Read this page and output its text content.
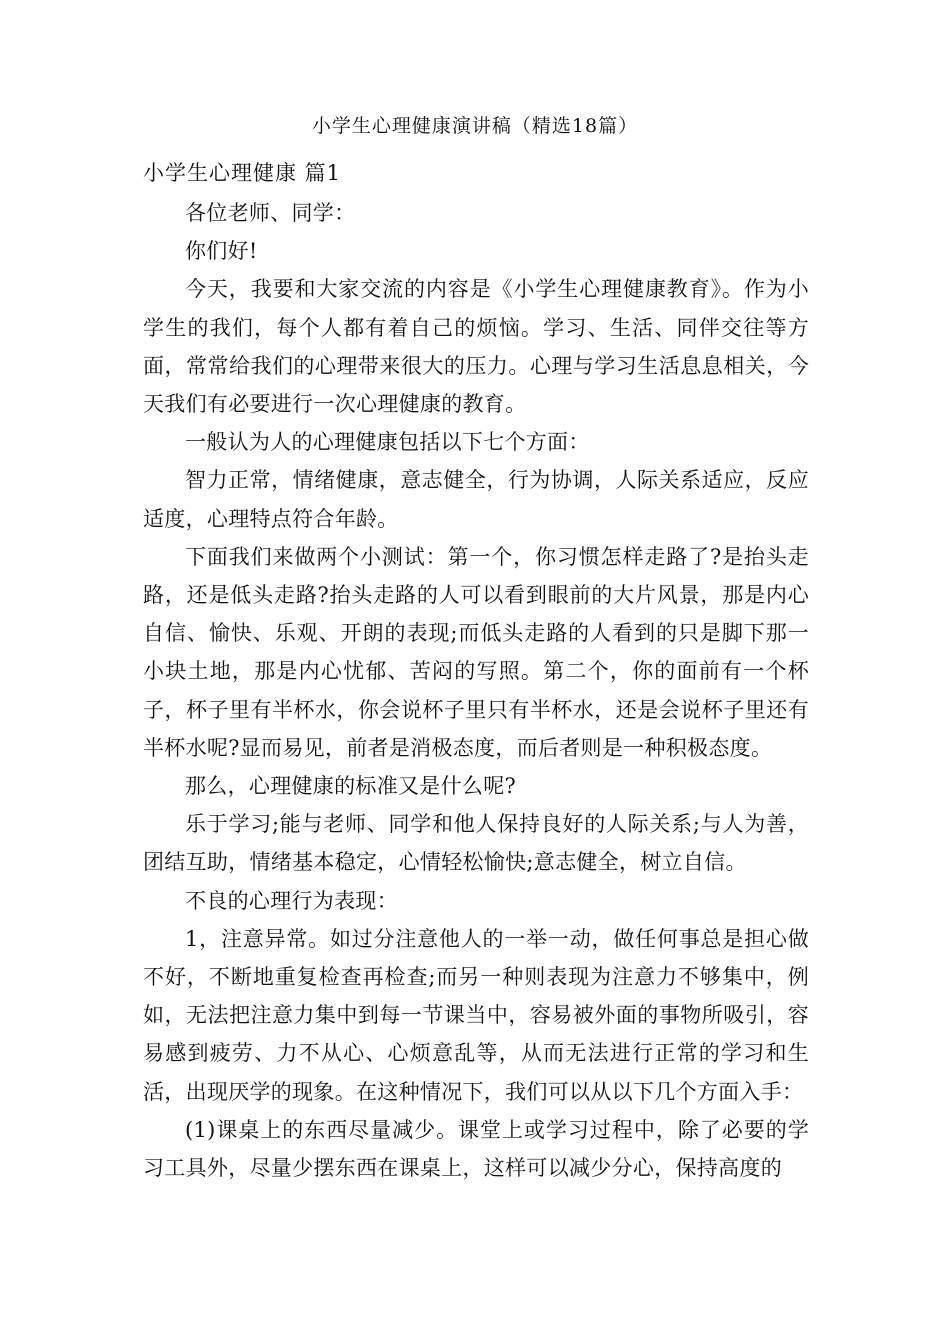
小学生心理健康演讲稿（精选18篇）
小学生心理健康 篇1

各位老师、同学：

你们好!

今天，我要和大家交流的内容是《小学生心理健康教育》。作为小学生的我们，每个人都有着自己的烦恼。学习、生活、同伴交往等方面，常常给我们的心理带来很大的压力。心理与学习生活息息相关，今天我们有必要进行一次心理健康的教育。

一般认为人的心理健康包括以下七个方面：

智力正常，情绪健康，意志健全，行为协调，人际关系适应，反应适度，心理特点符合年龄。

下面我们来做两个小测试：第一个，你习惯怎样走路了?是抬头走路，还是低头走路?抬头走路的人可以看到眼前的大片风景，那是内心自信、愉快、乐观、开朗的表现;而低头走路的人看到的只是脚下那一小块土地，那是内心忧郁、苦闷的写照。第二个，你的面前有一个杯子，杯子里有半杯水，你会说杯子里只有半杯水，还是会说杯子里还有半杯水呢?显而易见，前者是消极态度，而后者则是一种积极态度。

那么，心理健康的标准又是什么呢?

乐于学习;能与老师、同学和他人保持良好的人际关系;与人为善，团结互助，情绪基本稳定，心情轻松愉快;意志健全，树立自信。

不良的心理行为表现：

1，注意异常。如过分注意他人的一举一动，做任何事总是担心做不好，不断地重复检查再检查;而另一种则表现为注意力不够集中，例如，无法把注意力集中到每一节课当中，容易被外面的事物所吸引，容易感到疲劳、力不从心、心烦意乱等，从而无法进行正常的学习和生活，出现厌学的现象。在这种情况下，我们可以从以下几个方面入手：

(1)课桌上的东西尽量减少。课堂上或学习过程中，除了必要的学习工具外，尽量少摆东西在课桌上，这样可以减少分心，保持高度的
